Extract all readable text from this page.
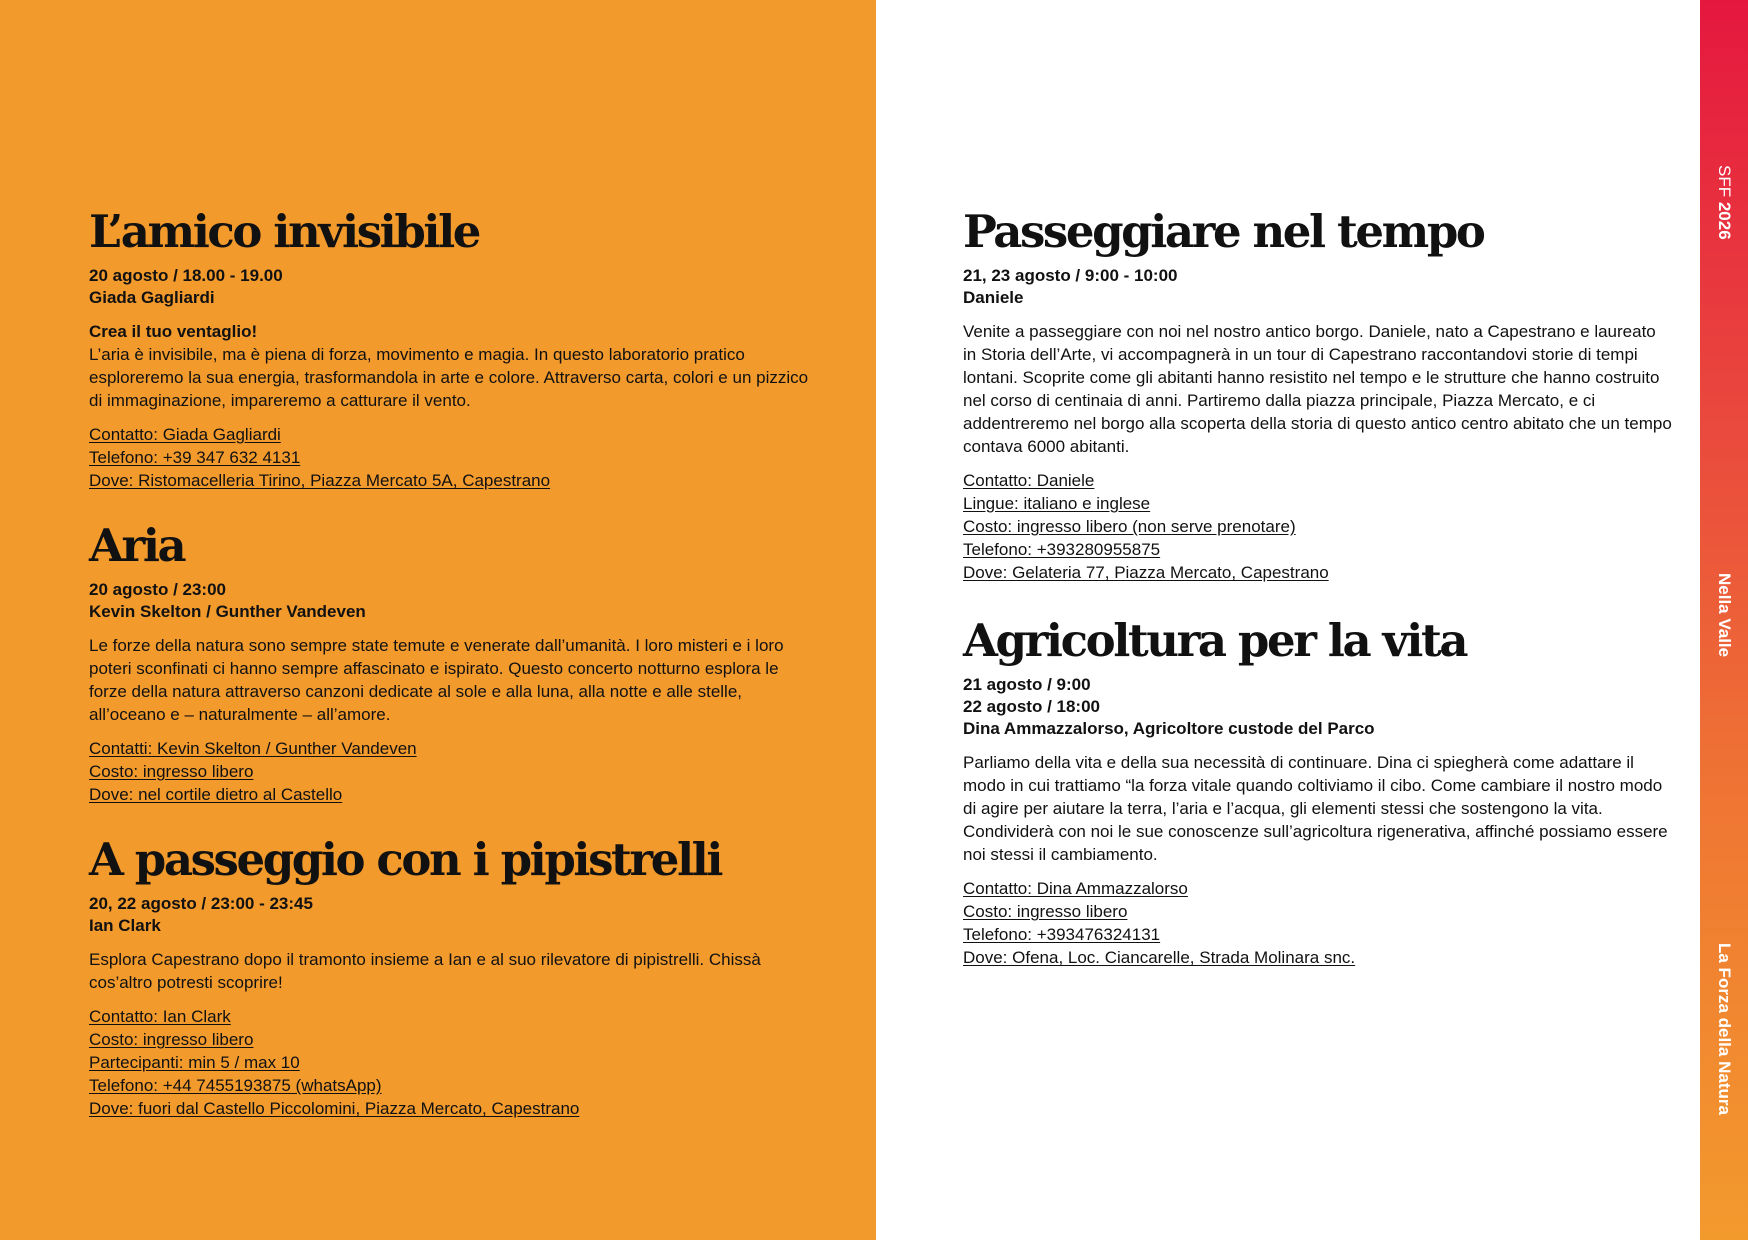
SFF 2026
Nella Valle
La Forza della Natura
L’amico invisibile
20 agosto / 18.00 - 19.00
Giada Gagliardi
Crea il tuo ventaglio!
L’aria è invisibile, ma è piena di forza, movimento e magia. In questo laboratorio pratico esploreremo la sua energia, trasformandola in arte e colore. Attraverso carta, colori e un pizzico di immaginazione, impareremo a catturare il vento.
Contatto: Giada Gagliardi
Telefono: +39 347 632 4131
Dove: Ristomacelleria Tirino, Piazza Mercato 5A, Capestrano
Aria
20 agosto / 23:00
Kevin Skelton / Gunther Vandeven
Le forze della natura sono sempre state temute e venerate dall’umanità. I loro misteri e i loro poteri sconfinati ci hanno sempre affascinato e ispirato. Questo concerto notturno esplora le forze della natura attraverso canzoni dedicate al sole e alla luna, alla notte e alle stelle, all’oceano e – naturalmente – all’amore.
Contatti: Kevin Skelton / Gunther Vandeven
Costo: ingresso libero
Dove: nel cortile dietro al Castello
A passeggio con i pipistrelli
20, 22 agosto / 23:00 - 23:45
Ian Clark
Esplora Capestrano dopo il tramonto insieme a Ian e al suo rilevatore di pipistrelli. Chissà cos’altro potresti scoprire!
Contatto: Ian Clark
Costo: ingresso libero
Partecipanti: min 5 / max 10
Telefono: +44 7455193875 (whatsApp)
Dove: fuori dal Castello Piccolomini, Piazza Mercato, Capestrano
Passeggiare nel tempo
21, 23 agosto / 9:00 - 10:00
Daniele
Venite a passeggiare con noi nel nostro antico borgo. Daniele, nato a Capestrano e laureato in Storia dell’Arte, vi accompagnerà in un tour di Capestrano raccontandovi storie di tempi lontani. Scoprite come gli abitanti hanno resistito nel tempo e le strutture che hanno costruito nel corso di centinaia di anni. Partiremo dalla piazza principale, Piazza Mercato, e ci addentreremo nel borgo alla scoperta della storia di questo antico centro abitato che un tempo contava 6000 abitanti.
Contatto: Daniele
Lingue: italiano e inglese
Costo: ingresso libero (non serve prenotare)
Telefono: +393280955875
Dove: Gelateria 77, Piazza Mercato, Capestrano
Agricoltura per la vita
21 agosto / 9:00
22 agosto / 18:00
Dina Ammazzalorso, Agricoltore custode del Parco
Parliamo della vita e della sua necessità di continuare. Dina ci spiegherà come adattare il modo in cui trattiamo “la forza vitale quando coltiviamo il cibo. Come cambiare il nostro modo di agire per aiutare la terra, l’aria e l’acqua, gli elementi stessi che sostengono la vita. Condividerà con noi le sue conoscenze sull’agricoltura rigenerativa, affinché possiamo essere noi stessi il cambiamento.
Contatto: Dina Ammazzalorso
Costo: ingresso libero
Telefono: +393476324131
Dove: Ofena, Loc. Ciancarelle, Strada Molinara snc.
